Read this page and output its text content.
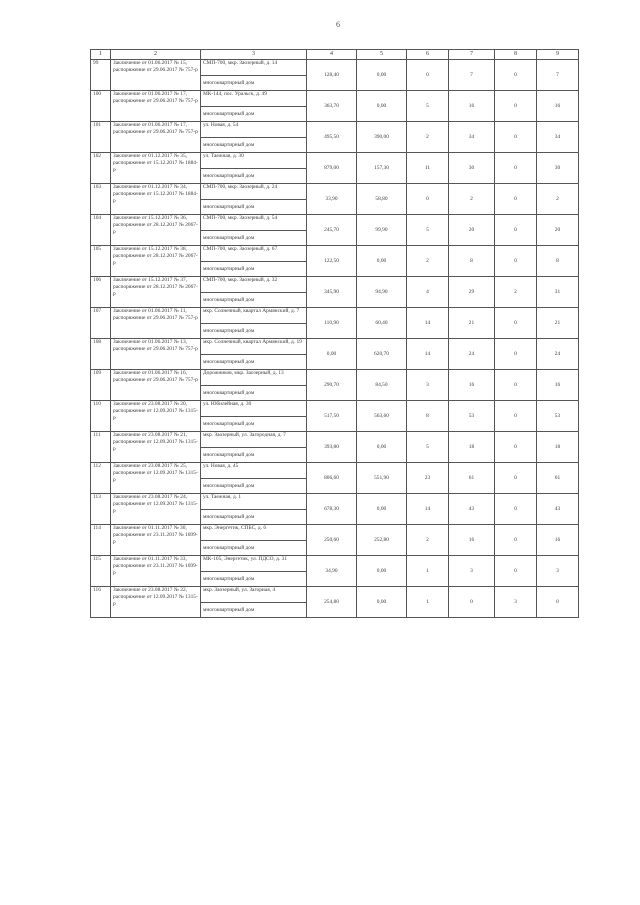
6
1	2	3	4	5	6	7	8	9
99	Заключение от 01.06.2017 № 15, распоряжение от 29.06.2017 № 757-р	СМП-700, мкр. Заозерный, д. 14	128,40	0,00	0	7	0	7
		многоквартирный дом						
100	Заключение от 01.06.2017 № 17, распоряжение от 29.06.2017 № 757-р	МК-144, пос. Уральск, д. 49	363,70	0,00	5	16	0	16
		многоквартирный дом						
101	Заключение от 01.06.2017 № 17, распоряжение от 29.06.2017 № 757-р	ул. Новая, д. 54	495,50	390,00	2	34	0	34
		многоквартирный дом						
102	Заключение от 01.12.2017 № 35, распоряжение от 15.12.2017 № 1884-р	ул. Таежная, д. 30	879,00	157,30	11	30	0	30
		многоквартирный дом						
103	Заключение от 01.12.2017 № 34, распоряжение от 15.12.2017 № 1884-р	СМП-700, мкр. Заозерный, д. 24	33,90	58,80	0	2	0	2
		многоквартирный дом						
104	Заключение от 15.12.2017 № 36, распоряжение от 28.12.2017 № 2067-р	СМП-700, мкр. Заозерный, д. 54	245,70	99,90	5	20	0	20
		многоквартирный дом						
105	Заключение от 15.12.2017 № 38, распоряжение от 28.12.2017 № 2067-р	СМП-700, мкр. Заозерный, д. 67	122,50	0,00	2	8	0	8
		многоквартирный дом						
106	Заключение от 15.12.2017 № 37, распоряжение от 28.12.2017 № 2067-р	СМП-700, мкр. Заозерный, д. 32	345,90	94,90	4	29	2	31
		многоквартирный дом						
107	Заключение от 01.06.2017 № 11, распоряжение от 29.06.2017 № 757-р	мкр. Солнечный, квартал Армянский, д. 7	110,90	60,40	14	21	0	21
		многоквартирный дом						
108	Заключение от 01.06.2017 № 13, распоряжение от 29.06.2017 № 757-р	мкр. Солнечный, квартал Армянский, д. 19	0,00	620,70	14	24	0	24
		многоквартирный дом						
109	Заключение от 01.06.2017 № 16, распоряжение от 29.06.2017 № 757-р	Дорожников, мкр. Заозерный, д. 13	290,70	84,50	3	16	0	16
		многоквартирный дом						
110	Заключение от 23.08.2017 № 20, распоряжение от 12.09.2017 № 1315-р	ул. Юбилейная, д. 30	517,50	563,60	8	53	0	53
		многоквартирный дом						
111	Заключение от 23.08.2017 № 21, распоряжение от 12.09.2017 № 1315-р	мкр. Заозерный, ул. Загородная, д. 7	393,80	0,00	5	18	0	18
		многоквартирный дом						
112	Заключение от 23.08.2017 № 25, распоряжение от 12.09.2017 № 1315-р	ул. Новая, д. 45	806,60	551,90	23	61	0	61
		многоквартирный дом						
113	Заключение от 23.08.2017 № 24, распоряжение от 12.09.2017 № 1315-р	ул. Таежная, д. 1	678,30	0,00	14	43	0	43
		многоквартирный дом						
114	Заключение от 01.11.2017 № 30, распоряжение от 23.11.2017 № 1699-р	мкр. Энергетик, СПБС, д. 6	250,60	252,80	2	16	0	16
		многоквартирный дом						
115	Заключение от 01.11.2017 № 33, распоряжение от 23.11.2017 № 1699-р	МК-105, Энергетик, ул. ПДСО, д. 31	34,90	0,00	1	3	0	3
		многоквартирный дом						
116	Заключение от 23.08.2017 № 22, распоряжение от 12.09.2017 № 1315-р	мкр. Заозерный, ул. Загорная, 4	254,80	0,00	1	0	3	0
		многоквартирный дом						
